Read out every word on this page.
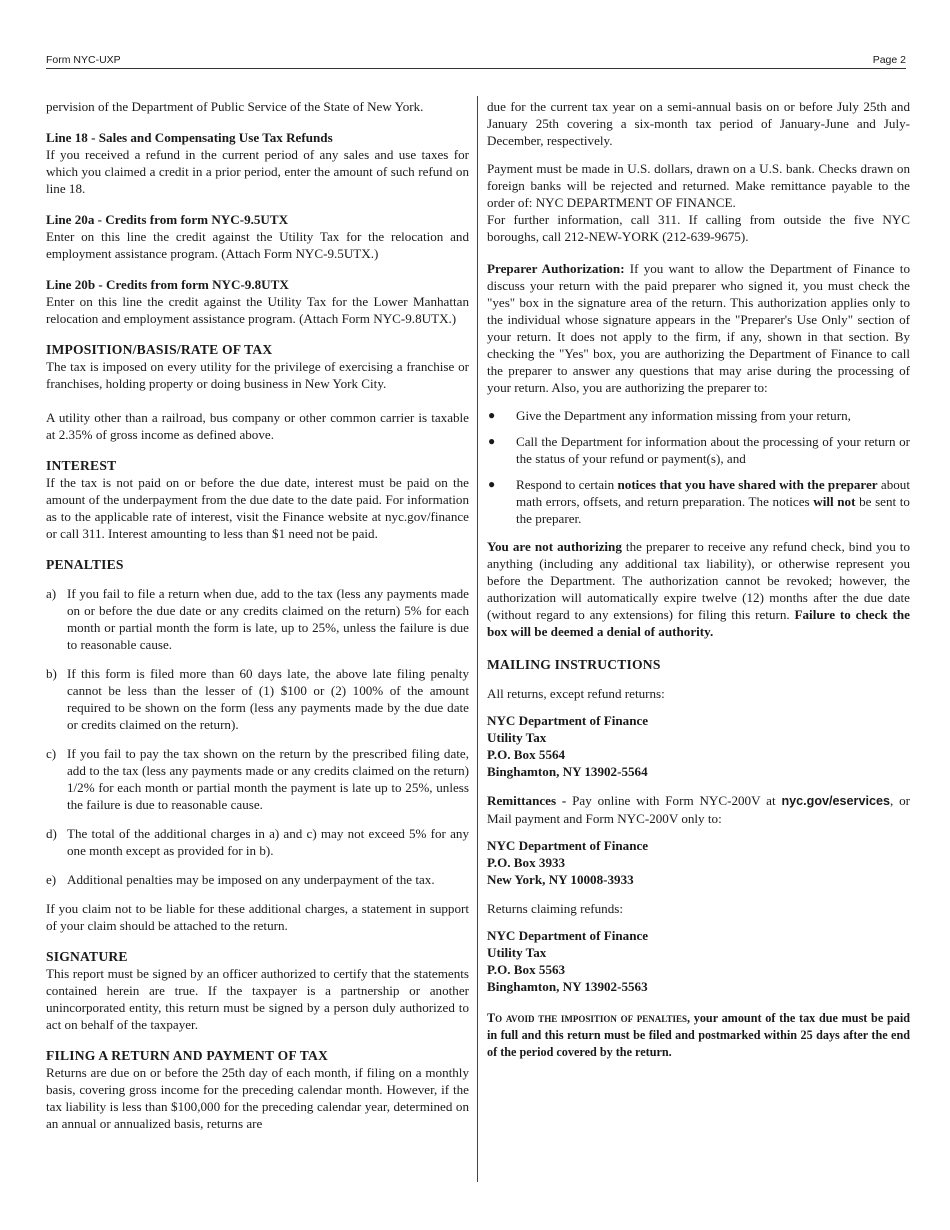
Form NYC-UXP	Page 2

pervision of the Department of Public Service of the State of New York.

Line 18 - Sales and Compensating Use Tax Refunds

If you received a refund in the current period of any sales and use taxes for which you claimed a credit in a prior period, enter the amount of such refund on line 18.

Line 20a - Credits from form NYC-9.5UTX

Enter on this line the credit against the Utility Tax for the relocation and employment assistance program. (Attach Form NYC-9.5UTX.)

Line 20b - Credits from form NYC-9.8UTX

Enter on this line the credit against the Utility Tax for the Lower Manhattan relocation and employment assistance program. (Attach Form NYC-9.8UTX.)

IMPOSITION/BASIS/RATE OF TAX

The tax is imposed on every utility for the privilege of exercising a franchise or franchises, holding property or doing business in New York City.

A utility other than a railroad, bus company or other common carrier is taxable at 2.35% of gross income as defined above.

INTEREST

If the tax is not paid on or before the due date, interest must be paid on the amount of the underpayment from the due date to the date paid. For information as to the applicable rate of interest, visit the Finance website at nyc.gov/finance or call 311. Interest amounting to less than $1 need not be paid.

PENALTIES

a) If you fail to file a return when due, add to the tax (less any payments made on or before the due date or any credits claimed on the return) 5% for each month or partial month the form is late, up to 25%, unless the failure is due to reasonable cause.
b) If this form is filed more than 60 days late, the above late filing penalty cannot be less than the lesser of (1) $100 or (2) 100% of the amount required to be shown on the form (less any payments made by the due date or credits claimed on the return).
c) If you fail to pay the tax shown on the return by the prescribed filing date, add to the tax (less any payments made or any credits claimed on the return) 1/2% for each month or partial month the payment is late up to 25%, unless the failure is due to reasonable cause.
d) The total of the additional charges in a) and c) may not exceed 5% for any one month except as provided for in b).
e) Additional penalties may be imposed on any underpayment of the tax.

If you claim not to be liable for these additional charges, a statement in support of your claim should be attached to the return.

SIGNATURE

This report must be signed by an officer authorized to certify that the statements contained herein are true. If the taxpayer is a partnership or another unincorporated entity, this return must be signed by a person duly authorized to act on behalf of the taxpayer.

FILING A RETURN AND PAYMENT OF TAX

Returns are due on or before the 25th day of each month, if filing on a monthly basis, covering gross income for the preceding calendar month. However, if the tax liability is less than $100,000 for the preceding calendar year, determined on an annual or annualized basis, returns are

due for the current tax year on a semi-annual basis on or before July 25th and January 25th covering a six-month tax period of January-June and July-December, respectively.

Payment must be made in U.S. dollars, drawn on a U.S. bank. Checks drawn on foreign banks will be rejected and returned. Make remittance payable to the order of: NYC DEPARTMENT OF FINANCE.

For further information, call 311. If calling from outside the five NYC boroughs, call 212-NEW-YORK (212-639-9675).

Preparer Authorization: If you want to allow the Department of Finance to discuss your return with the paid preparer who signed it, you must check the "yes" box in the signature area of the return. This authorization applies only to the individual whose signature appears in the "Preparer's Use Only" section of your return. It does not apply to the firm, if any, shown in that section. By checking the "Yes" box, you are authorizing the Department of Finance to call the preparer to answer any questions that may arise during the processing of your return. Also, you are authorizing the preparer to:

●	Give the Department any information missing from your return,
●	Call the Department for information about the processing of your return or the status of your refund or payment(s), and
●	Respond to certain notices that you have shared with the preparer about math errors, offsets, and return preparation. The notices will not be sent to the preparer.

You are not authorizing the preparer to receive any refund check, bind you to anything (including any additional tax liability), or otherwise represent you before the Department. The authorization cannot be revoked; however, the authorization will automatically expire twelve (12) months after the due date (without regard to any extensions) for filing this return. Failure to check the box will be deemed a denial of authority.

MAILING INSTRUCTIONS

All returns, except refund returns:

NYC Department of Finance

Utility Tax

P.O. Box 5564

Binghamton, NY 13902-5564

Remittances - Pay online with Form NYC-200V at nyc.gov/eservices, or Mail payment and Form NYC-200V only to:

NYC Department of Finance

P.O. Box 3933

New York, NY 10008-3933

Returns claiming refunds:

NYC Department of Finance

Utility Tax

P.O. Box 5563

Binghamton, NY 13902-5563

To avoid the imposition of penalties, your amount of the tax due must be paid in full and this return must be filed and postmarked within 25 days after the end of the period covered by the return.
